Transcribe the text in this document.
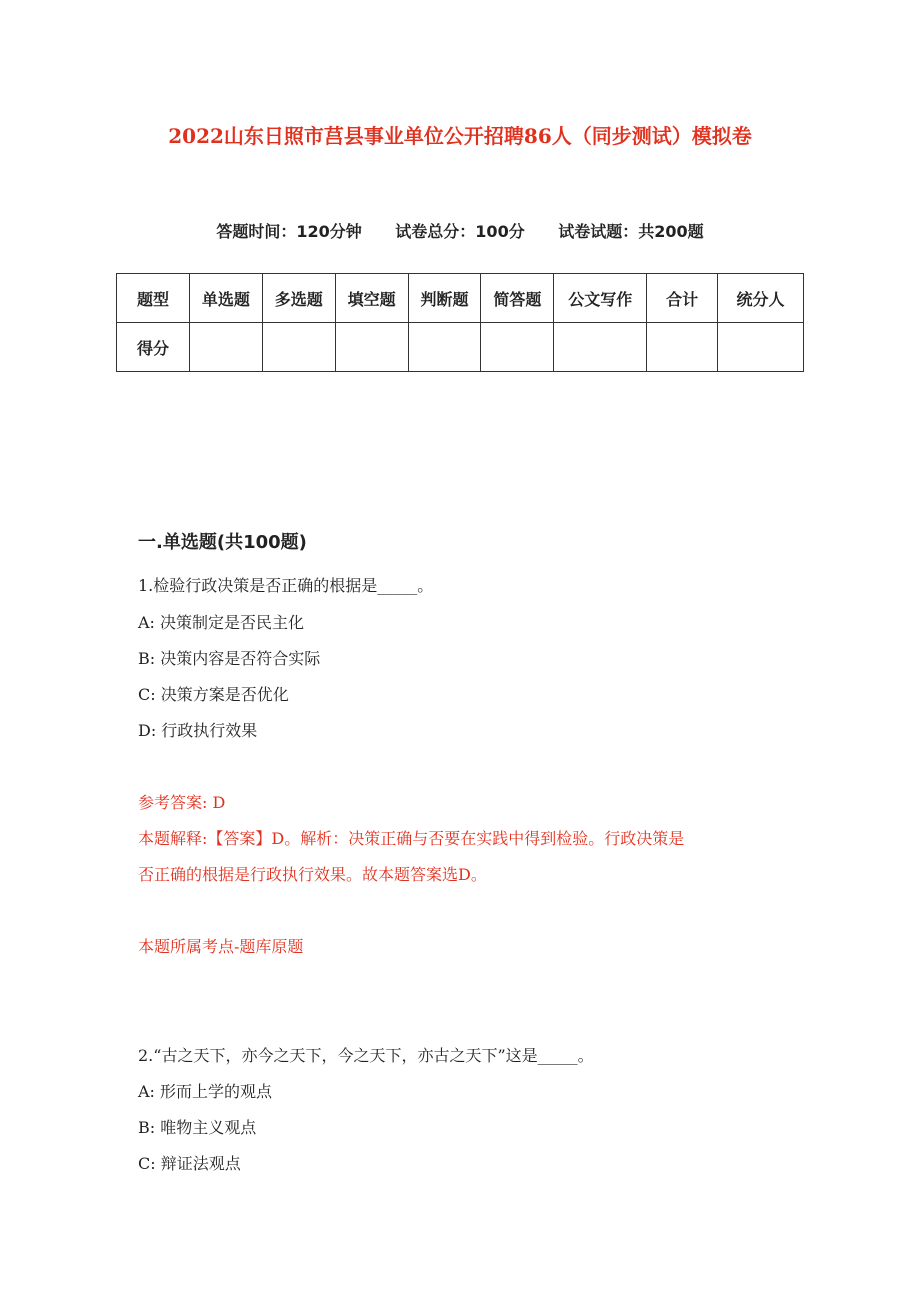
2022山东日照市莒县事业单位公开招聘86人（同步测试）模拟卷
答题时间：120分钟 试卷总分：100分 试卷试题：共200题
题型	单选题	多选题	填空题	判断题	简答题	公文写作	合计	统分人
得分								
一.单选题(共100题)
1.检验行政决策是否正确的根据是_____。
A: 决策制定是否民主化
B: 决策内容是否符合实际
C: 决策方案是否优化
D: 行政执行效果
参考答案: D
本题解释:【答案】D。解析：决策正确与否要在实践中得到检验。行政决策是
否正确的根据是行政执行效果。故本题答案选D。
本题所属考点-题库原题
2.“古之天下，亦今之天下，今之天下，亦古之天下”这是_____。
A: 形而上学的观点
B: 唯物主义观点
C: 辩证法观点
